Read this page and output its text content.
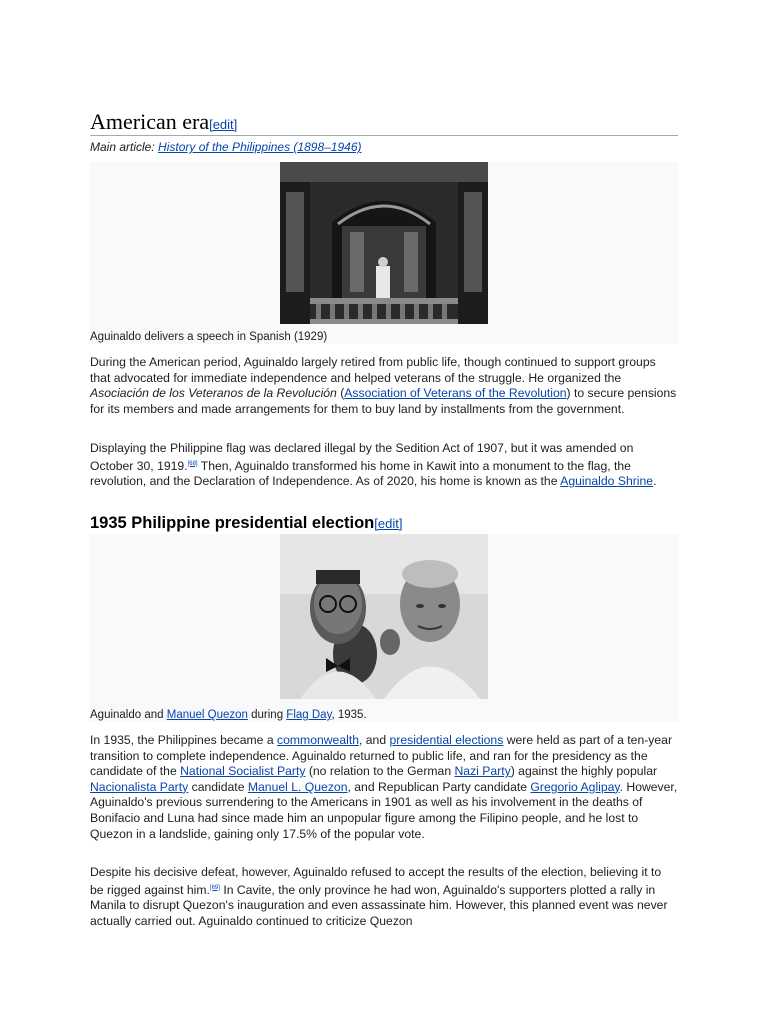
American era[edit]
Main article: History of the Philippines (1898–1946)
Aguinaldo delivers a speech in Spanish (1929)

During the American period, Aguinaldo largely retired from public life, though continued to support groups that advocated for immediate independence and helped veterans of the struggle. He organized the Asociación de los Veteranos de la Revolución (Association of Veterans of the Revolution) to secure pensions for its members and made arrangements for them to buy land by installments from the government.

Displaying the Philippine flag was declared illegal by the Sedition Act of 1907, but it was amended on October 30, 1919.[68] Then, Aguinaldo transformed his home in Kawit into a monument to the flag, the revolution, and the Declaration of Independence. As of 2020, his home is known as the Aguinaldo Shrine.

1935 Philippine presidential election[edit]
Aguinaldo and Manuel Quezon during Flag Day, 1935.

In 1935, the Philippines became a commonwealth, and presidential elections were held as part of a ten-year transition to complete independence. Aguinaldo returned to public life, and ran for the presidency as the candidate of the National Socialist Party (no relation to the German Nazi Party) against the highly popular Nacionalista Party candidate Manuel L. Quezon, and Republican Party candidate Gregorio Aglipay. However, Aguinaldo's previous surrendering to the Americans in 1901 as well as his involvement in the deaths of Bonifacio and Luna had since made him an unpopular figure among the Filipino people, and he lost to Quezon in a landslide, gaining only 17.5% of the popular vote.

Despite his decisive defeat, however, Aguinaldo refused to accept the results of the election, believing it to be rigged against him.[69] In Cavite, the only province he had won, Aguinaldo's supporters plotted a rally in Manila to disrupt Quezon's inauguration and even assassinate him. However, this planned event was never actually carried out. Aguinaldo continued to criticize Quezon
